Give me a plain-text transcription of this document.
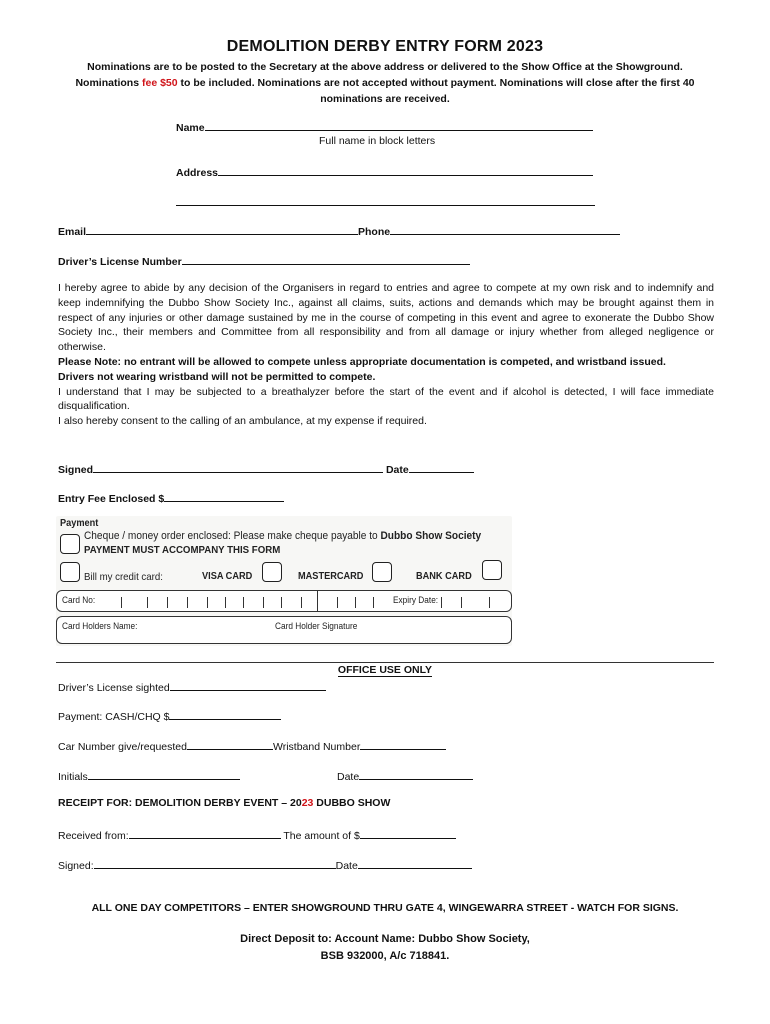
DEMOLITION DERBY ENTRY FORM 2023
Nominations are to be posted to the Secretary at the above address or delivered to the Show Office at the Showground. Nominations fee $50 to be included. Nominations are not accepted without payment. Nominations will close after the first 40 nominations are received.
Name
Full name in block letters
Address
Email	Phone
Driver’s License Number

I hereby agree to abide by any decision of the Organisers in regard to entries and agree to compete at my own risk and to indemnify and keep indemnifying the Dubbo Show Society Inc., against all claims, suits, actions and demands which may be brought against them in respect of any injuries or other damage sustained by me in the course of competing in this event and agree to exonerate the Dubbo Show Society Inc., their members and Committee from all responsibility and from all damage or injury whether from alleged negligence or otherwise.

Please Note: no entrant will be allowed to compete unless appropriate documentation is competed, and wristband issued.

Drivers not wearing wristband will not be permitted to compete.

I understand that I may be subjected to a breathalyzer before the start of the event and if alcohol is detected, I will face immediate disqualification.

I also hereby consent to the calling of an ambulance, at my expense if required.

Signed	Date
Entry Fee Enclosed $
Payment
Cheque / money order enclosed: Please make cheque payable to Dubbo Show Society
PAYMENT MUST ACCOMPANY THIS FORM
Bill my credit card:	VISA CARD	MASTERCARD	BANK CARD
Card No:	Expiry Date:
Card Holders Name:	Card Holder Signature
OFFICE USE ONLY
Driver’s License sighted
Payment: CASH/CHQ $
Car Number give/requested	Wristband Number
Initials	Date
RECEIPT FOR: DEMOLITION DERBY EVENT – 2023 DUBBO SHOW
Received from:	The amount of $
Signed:	Date
ALL ONE DAY COMPETITORS – ENTER SHOWGROUND THRU GATE 4, WINGEWARRA STREET - WATCH FOR SIGNS.
Direct Deposit to: Account Name: Dubbo Show Society,
BSB 932000, A/c 718841.
